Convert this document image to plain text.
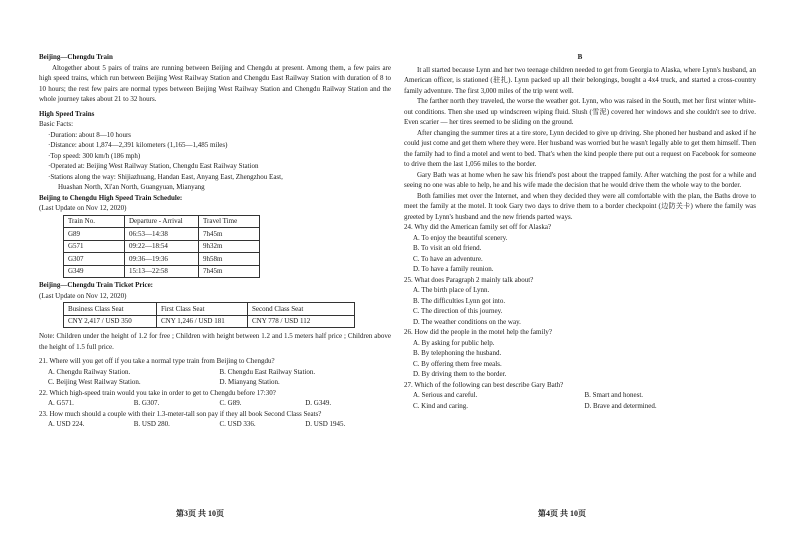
Beijing—Chengdu Train

Altogether about 5 pairs of trains are running between Beijing and Chengdu at present. Among them, a few pairs are high speed trains, which run between Beijing West Railway Station and Chengdu East Railway Station with duration of 8 to 10 hours; the rest few pairs are normal types between Beijing West Railway Station and Chengdu Railway Station and the whole journey takes about 21 to 32 hours.

High Speed Trains

Basic Facts:

·Duration: about 8—10 hours

·Distance: about 1,874—2,391 kilometers (1,165—1,485 miles)

·Top speed: 300 km/h (186 mph)

·Operated at: Beijing West Railway Station, Chengdu East Railway Station

·Stations along the way: Shijiazhuang, Handan East, Anyang East, Zhengzhou East,

Huashan North, Xi'an North, Guangyuan, Mianyang

Beijing to Chengdu High Speed Train Schedule:

(Last Update on Nov 12, 2020)

Train No.	Departure - Arrival	Travel Time
G89	06:53—14:38	7h45m
G571	09:22—18:54	9h32m
G307	09:36—19:36	9h58m
G349	15:13—22:58	7h45m

Beijing—Chengdu Train Ticket Price:

(Last Update on Nov 12, 2020)

Business Class Seat	First Class Seat	Second Class Seat
CNY 2,417 / USD 350	CNY 1,246 / USD 181	CNY 778 / USD 112

Note: Children under the height of 1.2 for free ; Children with height between 1.2 and 1.5 meters half price ; Children above the height of 1.5 full price.

21. Where will you get off if you take a normal type train from Beijing to Chengdu?

A. Chengdu Railway Station.	B. Chengdu East Railway Station.
C. Beijing West Railway Station.	D. Mianyang Station.

22. Which high-speed train would you take in order to get to Chengdu before 17:30?

A. G571.	B. G307.	C. G89.	D. G349.

23. How much should a couple with their 1.3-meter-tall son pay if they all book Second Class Seats?

A. USD 224.	B. USD 280.	C. USD 336.	D. USD 1945.
第3页 共 10页

B

It all started because Lynn and her two teenage children needed to get from Georgia to Alaska, where Lynn's husband, an American officer, is stationed (驻扎). Lynn packed up all their belongings, bought a 4x4 truck, and started a cross-country family adventure. The first 3,000 miles of the trip went well.

The farther north they traveled, the worse the weather got. Lynn, who was raised in the South, met her first winter white-out conditions. Then she used up windscreen wiping fluid. Slush (雪泥) covered her windows and she couldn't see to drive. Even scarier — her tires seemed to be sliding on the ground.

After changing the summer tires at a tire store, Lynn decided to give up driving. She phoned her husband and asked if he could just come and get them where they were. Her husband was worried but he wasn't legally able to get them himself. Then the family had to find a motel and went to bed. That's when the kind people there put out a request on Facebook for someone to drive them the last 1,056 miles to the border.

Gary Bath was at home when he saw his friend's post about the trapped family. After watching the post for a while and seeing no one was able to help, he and his wife made the decision that he would drive them the whole way to the border.

Both families met over the Internet, and when they decided they were all comfortable with the plan, the Baths drove to meet the family at the motel. It took Gary two days to drive them to a border checkpoint (边防关卡) where the family was greeted by Lynn's husband and the new friends parted ways.

24. Why did the American family set off for Alaska?

A. To enjoy the beautiful scenery.

B. To visit an old friend.

C. To have an adventure.

D. To have a family reunion.

25. What does Paragraph 2 mainly talk about?

A. The birth place of Lynn.

B. The difficulties Lynn got into.

C. The direction of this journey.

D. The weather conditions on the way.

26. How did the people in the motel help the family?

A. By asking for public help.

B. By telephoning the husband.

C. By offering them free meals.

D. By driving them to the border.

27. Which of the following can best describe Gary Bath?

A. Serious and careful.	B. Smart and honest.
C. Kind and caring.	D. Brave and determined.
第4页 共 10页
